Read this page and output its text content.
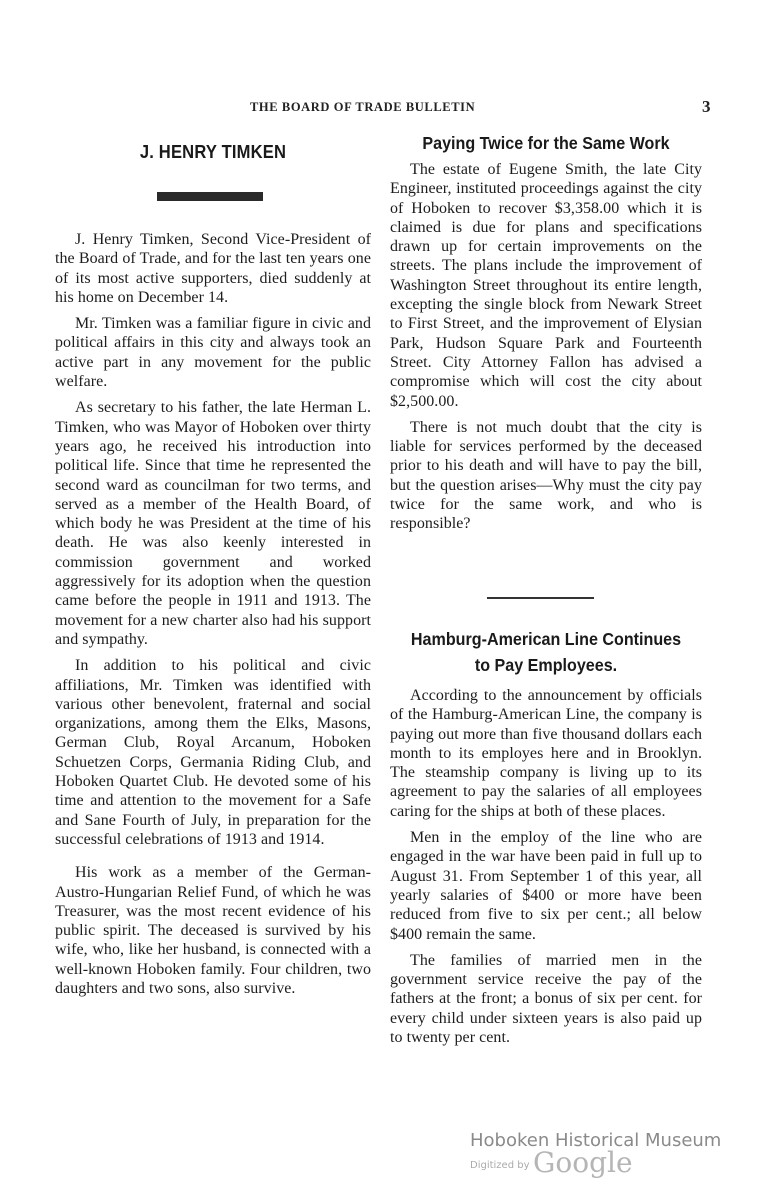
THE BOARD OF TRADE BULLETIN	3
J. HENRY TIMKEN

J. Henry Timken, Second Vice-President of the Board of Trade, and for the last ten years one of its most active supporters, died suddenly at his home on December 14.

Mr. Timken was a familiar figure in civic and political affairs in this city and always took an active part in any movement for the public welfare.

As secretary to his father, the late Herman L. Timken, who was Mayor of Hoboken over thirty years ago, he received his introduction into political life. Since that time he represented the second ward as councilman for two terms, and served as a member of the Health Board, of which body he was President at the time of his death. He was also keenly interested in commission government and worked aggressively for its adoption when the question came before the people in 1911 and 1913. The movement for a new charter also had his support and sympathy.

In addition to his political and civic affiliations, Mr. Timken was identified with various other benevolent, fraternal and social organizations, among them the Elks, Masons, German Club, Royal Arcanum, Hoboken Schuetzen Corps, Germania Riding Club, and Hoboken Quartet Club. He devoted some of his time and attention to the movement for a Safe and Sane Fourth of July, in preparation for the successful celebrations of 1913 and 1914.

His work as a member of the German-Austro-Hungarian Relief Fund, of which he was Treasurer, was the most recent evidence of his public spirit. The deceased is survived by his wife, who, like her husband, is connected with a well-known Hoboken family. Four children, two daughters and two sons, also survive.

Paying Twice for the Same Work

The estate of Eugene Smith, the late City Engineer, instituted proceedings against the city of Hoboken to recover $3,358.00 which it is claimed is due for plans and specifications drawn up for certain improvements on the streets. The plans include the improvement of Washington Street throughout its entire length, excepting the single block from Newark Street to First Street, and the improvement of Elysian Park, Hudson Square Park and Fourteenth Street. City Attorney Fallon has advised a compromise which will cost the city about $2,500.00.

There is not much doubt that the city is liable for services performed by the deceased prior to his death and will have to pay the bill, but the question arises—Why must the city pay twice for the same work, and who is responsible?

Hamburg-American Line Continues
to Pay Employees.

According to the announcement by officials of the Hamburg-American Line, the company is paying out more than five thousand dollars each month to its employes here and in Brooklyn. The steamship company is living up to its agreement to pay the salaries of all employees caring for the ships at both of these places.

Men in the employ of the line who are engaged in the war have been paid in full up to August 31. From September 1 of this year, all yearly salaries of $400 or more have been reduced from five to six per cent.; all below $400 remain the same.

The families of married men in the government service receive the pay of the fathers at the front; a bonus of six per cent. for every child under sixteen years is also paid up to twenty per cent.

Hoboken Historical Museum
Digitized by Google
